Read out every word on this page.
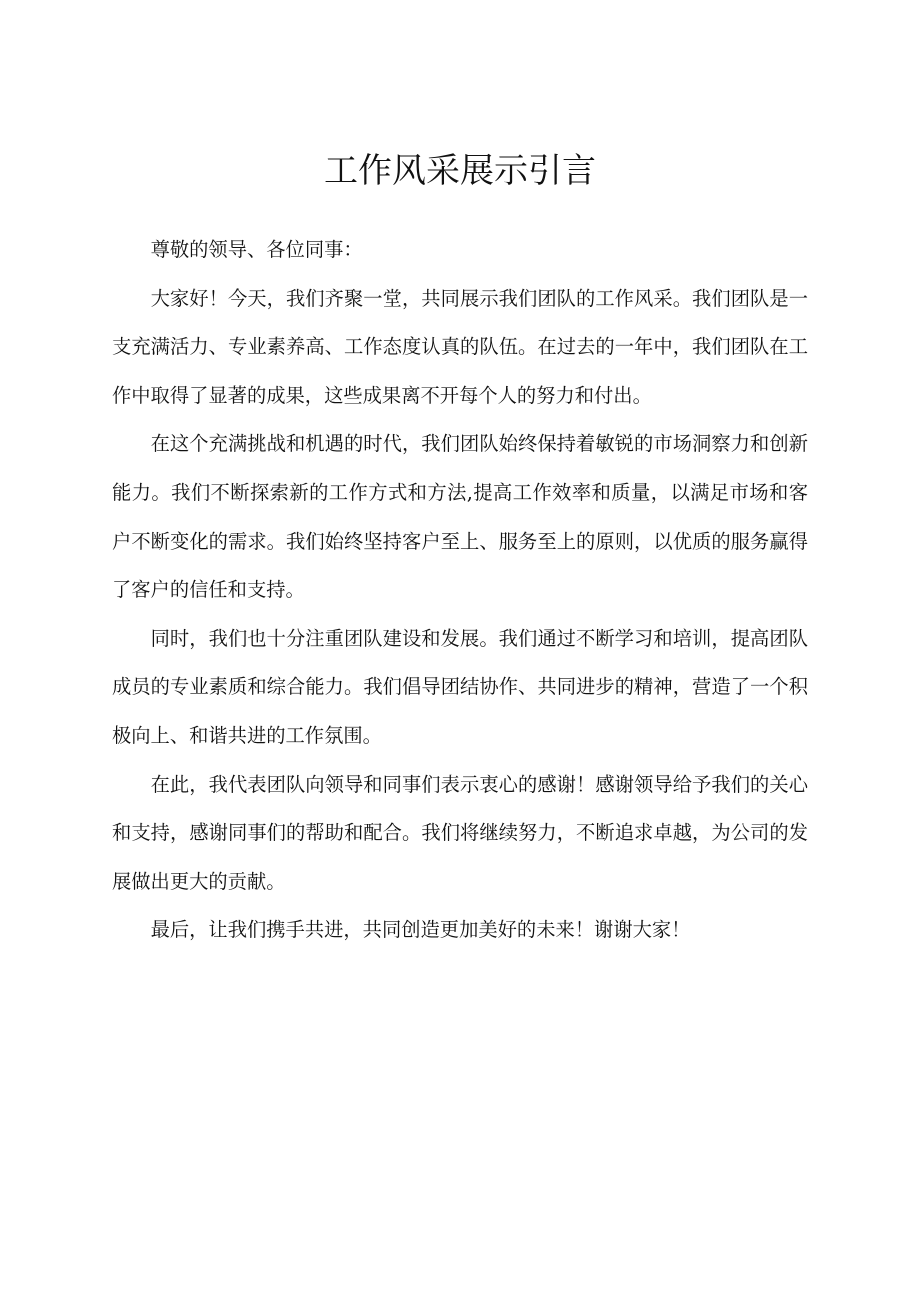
工作风采展示引言

尊敬的领导、各位同事：

大家好！今天，我们齐聚一堂，共同展示我们团队的工作风采。我们团队是一支充满活力、专业素养高、工作态度认真的队伍。在过去的一年中，我们团队在工作中取得了显著的成果，这些成果离不开每个人的努力和付出。

在这个充满挑战和机遇的时代，我们团队始终保持着敏锐的市场洞察力和创新能力。我们不断探索新的工作方式和方法,提高工作效率和质量，以满足市场和客户不断变化的需求。我们始终坚持客户至上、服务至上的原则，以优质的服务赢得了客户的信任和支持。

同时，我们也十分注重团队建设和发展。我们通过不断学习和培训，提高团队成员的专业素质和综合能力。我们倡导团结协作、共同进步的精神，营造了一个积极向上、和谐共进的工作氛围。

在此，我代表团队向领导和同事们表示衷心的感谢！感谢领导给予我们的关心和支持，感谢同事们的帮助和配合。我们将继续努力，不断追求卓越，为公司的发展做出更大的贡献。

最后，让我们携手共进，共同创造更加美好的未来！谢谢大家！
